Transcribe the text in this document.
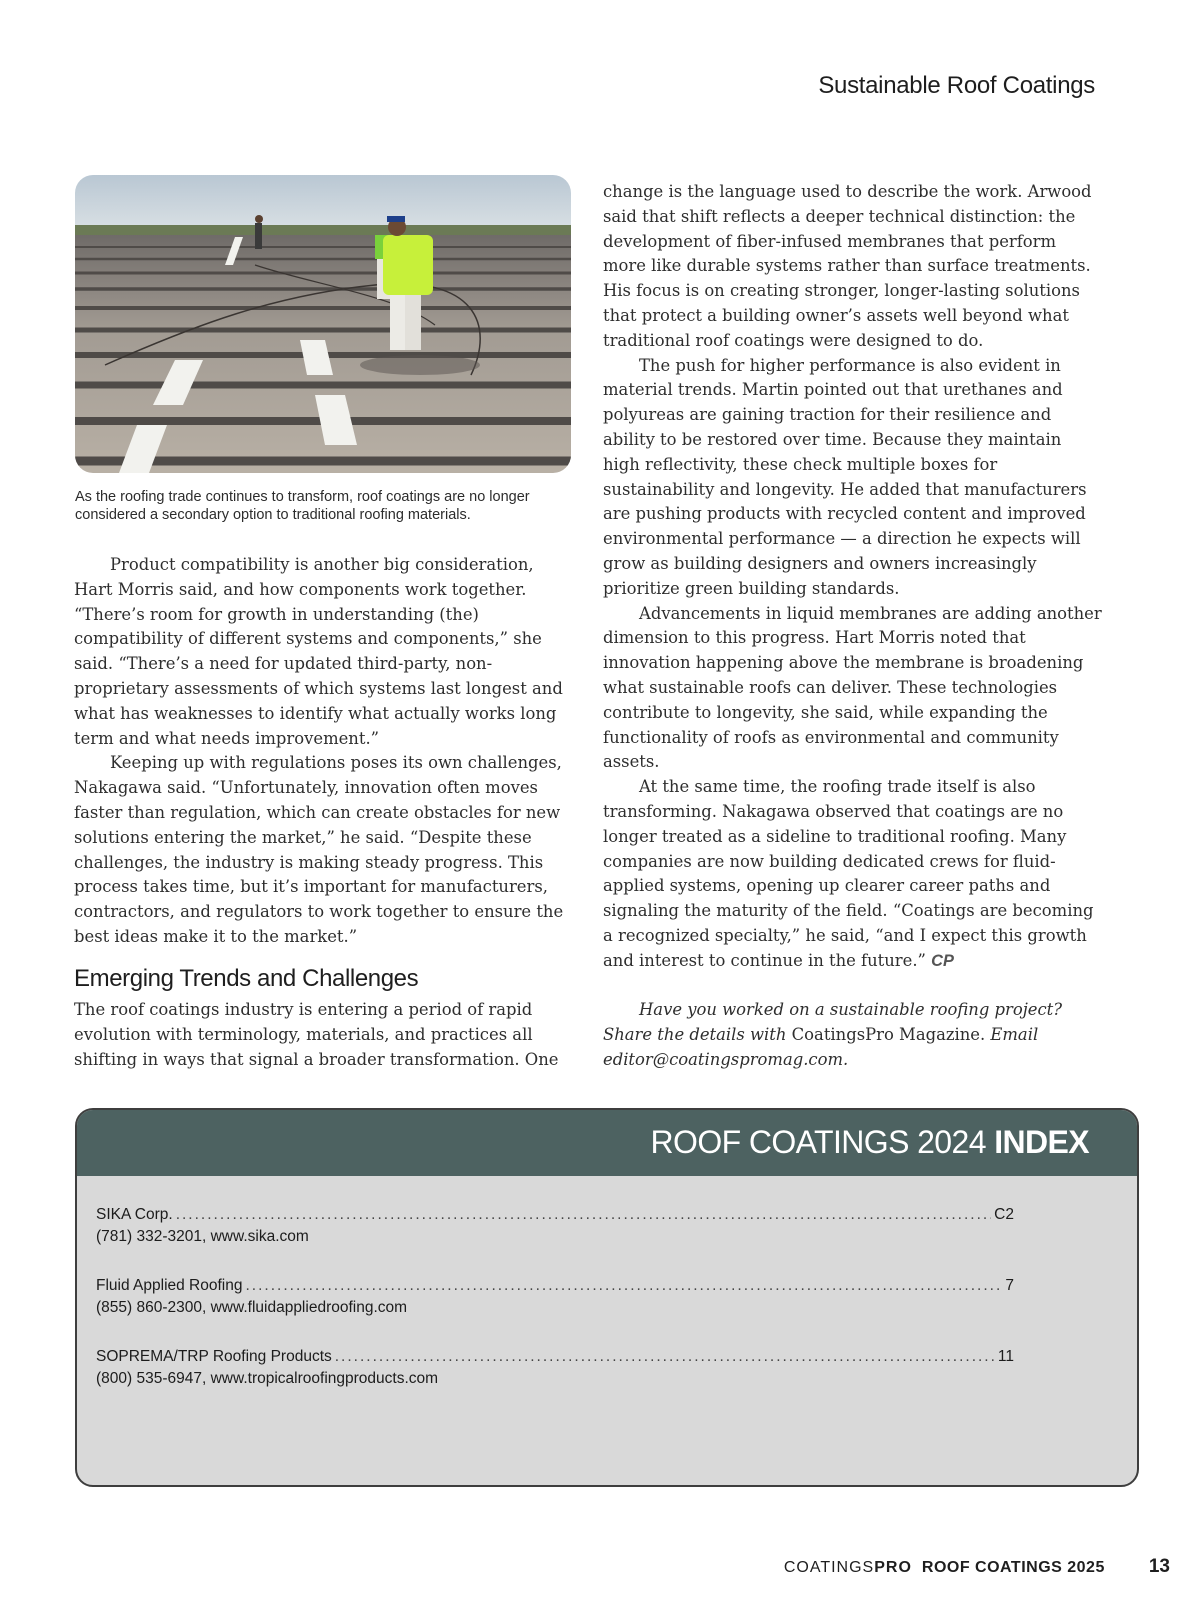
Sustainable Roof Coatings
As the roofing trade continues to transform, roof coatings are no longer considered a secondary option to traditional roofing materials.

Product compatibility is another big consideration, Hart Morris said, and how components work together. “There’s room for growth in understanding (the) compatibility of different systems and components,” she said. “There’s a need for updated third-party, non-proprietary assessments of which systems last longest and what has weaknesses to identify what actually works long term and what needs improvement.”

Keeping up with regulations poses its own challenges, Nakagawa said. “Unfortunately, innovation often moves faster than regulation, which can create obstacles for new solutions entering the market,” he said. “Despite these challenges, the industry is making steady progress. This process takes time, but it’s important for manufacturers, contractors, and regulators to work together to ensure the best ideas make it to the market.”

Emerging Trends and Challenges

The roof coatings industry is entering a period of rapid evolution with terminology, materials, and practices all shifting in ways that signal a broader transformation. One

change is the language used to describe the work. Arwood said that shift reflects a deeper technical distinction: the development of fiber-infused membranes that perform more like durable systems rather than surface treatments. His focus is on creating stronger, longer-lasting solutions that protect a building owner’s assets well beyond what traditional roof coatings were designed to do.

The push for higher performance is also evident in material trends. Martin pointed out that urethanes and polyureas are gaining traction for their resilience and ability to be restored over time. Because they maintain high reflectivity, these check multiple boxes for sustainability and longevity. He added that manufacturers are pushing products with recycled content and improved environmental performance — a direction he expects will grow as building designers and owners increasingly prioritize green building standards.

Advancements in liquid membranes are adding another dimension to this progress. Hart Morris noted that innovation happening above the membrane is broadening what sustainable roofs can deliver. These technologies contribute to longevity, she said, while expanding the functionality of roofs as environmental and community assets.

At the same time, the roofing trade itself is also transforming. Nakagawa observed that coatings are no longer treated as a sideline to traditional roofing. Many companies are now building dedicated crews for fluid-applied systems, opening up clearer career paths and signaling the maturity of the field. “Coatings are becoming a recognized specialty,” he said, “and I expect this growth and interest to continue in the future.” CP

Have you worked on a sustainable roofing project? Share the details with CoatingsPro Magazine. Email editor@coatingspromag.com.

ROOF COATINGS 2024 INDEX
SIKA Corp. .....	C2
(781) 332-3201, www.sika.com
Fluid Applied Roofing .....	7
(855) 860-2300, www.fluidappliedroofing.com
SOPREMA/TRP Roofing Products .....	11
(800) 535-6947, www.tropicalroofingproducts.com
COATINGSPRO ROOF COATINGS 2025 13
